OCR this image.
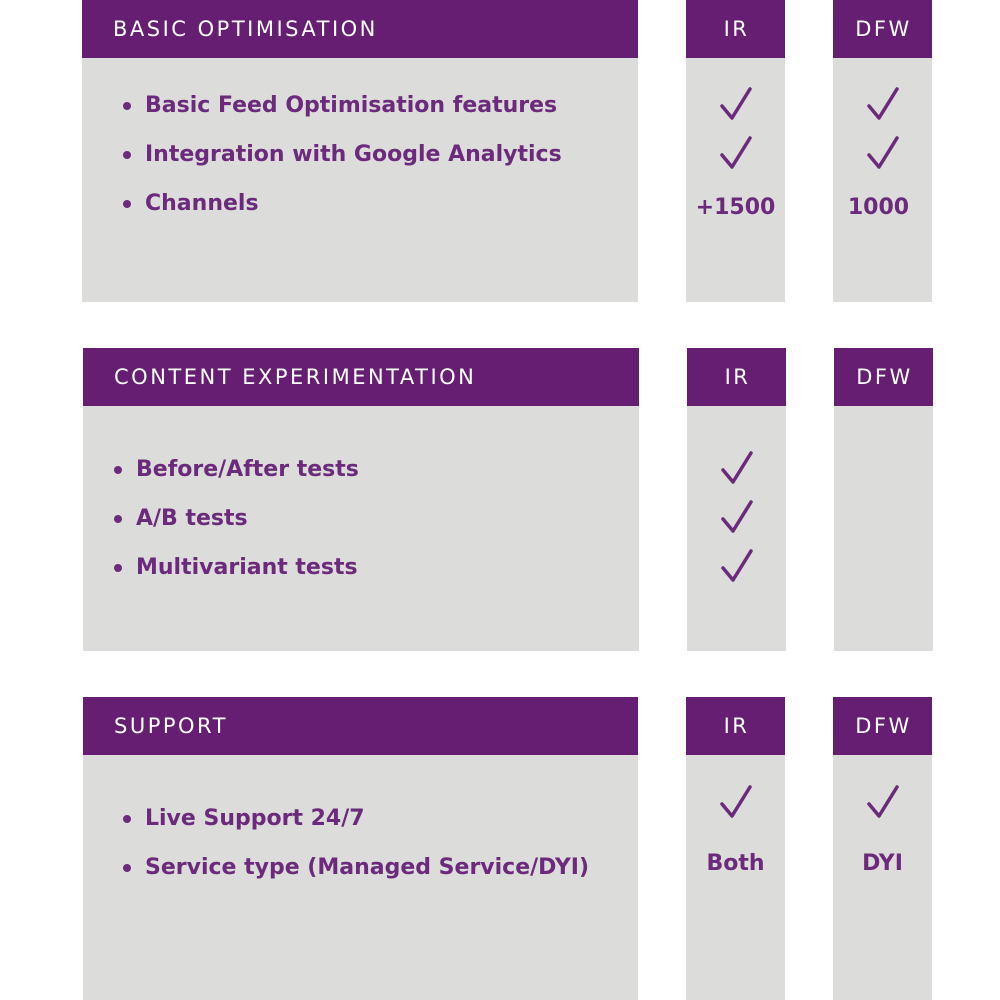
BASIC OPTIMISATION
Basic Feed Optimisation features
Integration with Google Analytics
Channels
IR
+1500
DFW
1000
CONTENT EXPERIMENTATION
Before/After tests
A/B tests
Multivariant tests
IR	DFW
SUPPORT
Live Support 24/7
Service type (Managed Service/DYI)
IR
Both
DFW
DYI
